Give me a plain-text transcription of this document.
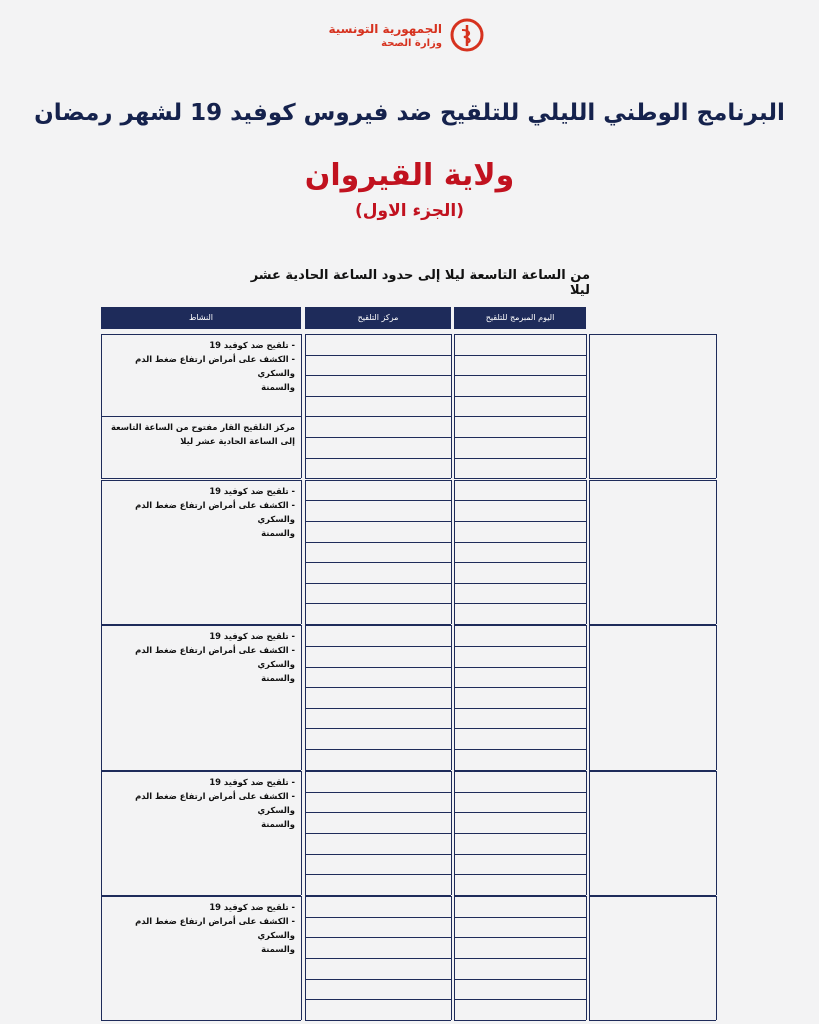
الجمهورية التونسية
وزارة الصحة
البرنامج الوطني الليلي للتلقيح ضد فيروس كوفيد 19 لشهر رمضان
ولاية القيروان
(الجزء الاول)
من الساعة التاسعة ليلا إلى حدود الساعة الحادية عشر ليلا
اليوم المبرمج للتلقيح
مركز التلقيح
النشاط
- تلقيح ضد كوفيد 19
- الكشف على أمراض ارتفاع ضغط الدم والسكري
والسمنة
مركز التلقيح القار مفتوح من الساعة التاسعة
إلى الساعة الحادية عشر ليلا
- تلقيح ضد كوفيد 19
- الكشف على أمراض ارتفاع ضغط الدم والسكري
والسمنة
- تلقيح ضد كوفيد 19
- الكشف على أمراض ارتفاع ضغط الدم والسكري
والسمنة
- تلقيح ضد كوفيد 19
- الكشف على أمراض ارتفاع ضغط الدم والسكري
والسمنة
- تلقيح ضد كوفيد 19
- الكشف على أمراض ارتفاع ضغط الدم والسكري
والسمنة
